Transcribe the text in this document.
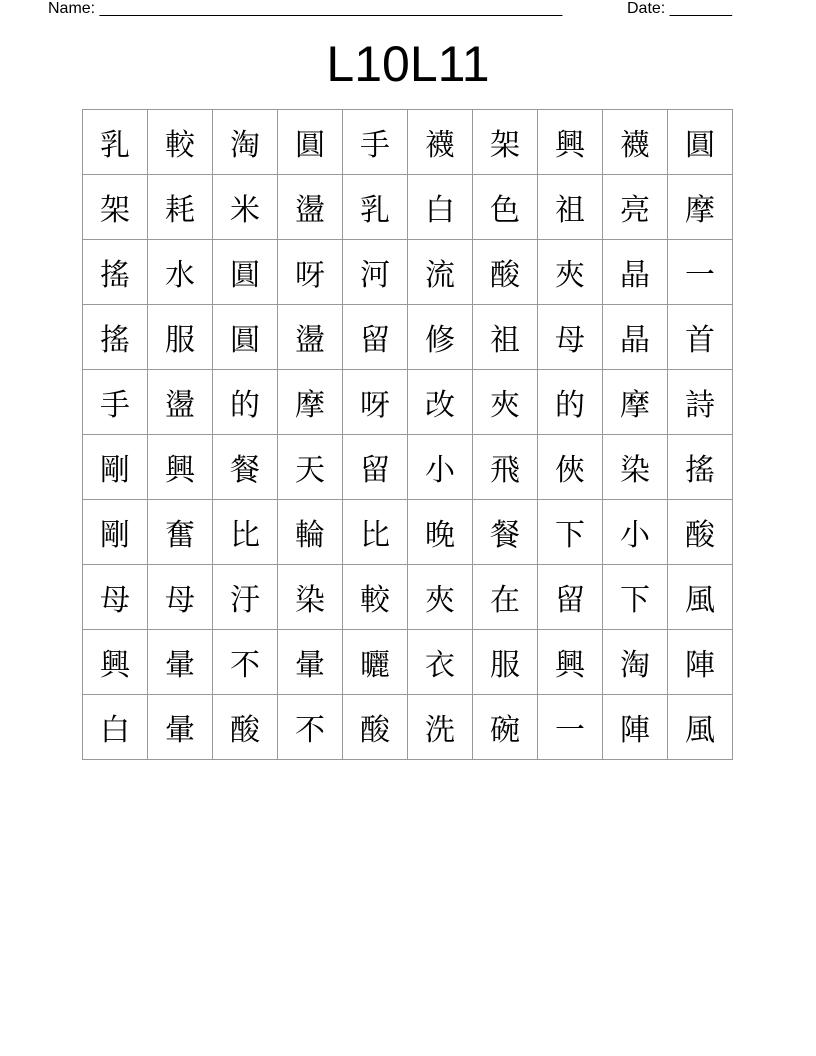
Name: ____________________________________________________	Date: _______
L10L11
乳	較	淘	圓	手	襪	架	興	襪	圓
架	耗	米	盪	乳	白	色	祖	亮	摩
搖	水	圓	呀	河	流	酸	夾	晶	一
搖	服	圓	盪	留	修	祖	母	晶	首
手	盪	的	摩	呀	改	夾	的	摩	詩
剛	興	餐	天	留	小	飛	俠	染	搖
剛	奮	比	輪	比	晚	餐	下	小	酸
母	母	汙	染	較	夾	在	留	下	風
興	暈	不	暈	曬	衣	服	興	淘	陣
白	暈	酸	不	酸	洗	碗	一	陣	風
